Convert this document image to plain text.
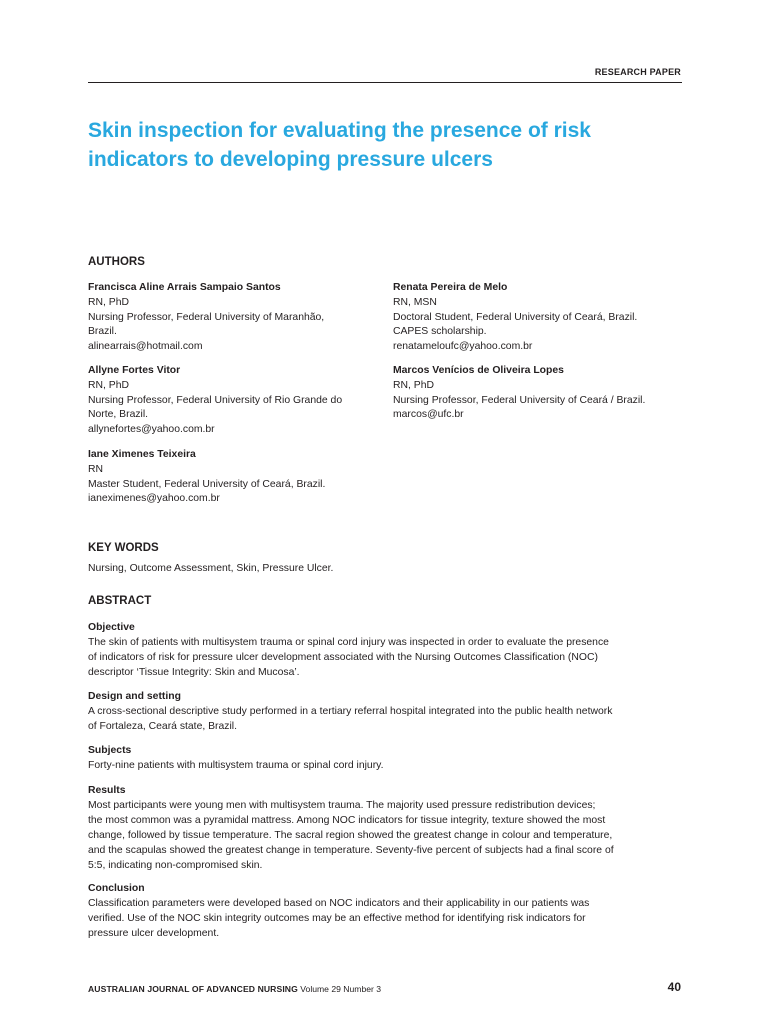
RESEARCH PAPER
Skin inspection for evaluating the presence of risk
indicators to developing pressure ulcers
AUTHORS
Francisca Aline Arrais Sampaio Santos
RN, PhD
Nursing Professor, Federal University of Maranhão,
Brazil.
alinearrais@hotmail.com
Renata Pereira de Melo
RN, MSN
Doctoral Student, Federal University of Ceará, Brazil.
CAPES scholarship.
renatameloufc@yahoo.com.br
Allyne Fortes Vitor
RN, PhD
Nursing Professor, Federal University of Rio Grande do
Norte, Brazil.
allynefortes@yahoo.com.br
Marcos Venícios de Oliveira Lopes
RN, PhD
Nursing Professor, Federal University of Ceará / Brazil.
marcos@ufc.br
Iane Ximenes Teixeira
RN
Master Student, Federal University of Ceará, Brazil.
ianeximenes@yahoo.com.br
KEY WORDS
Nursing, Outcome Assessment, Skin, Pressure Ulcer.
ABSTRACT
Objective
The skin of patients with multisystem trauma or spinal cord injury was inspected in order to evaluate the presence
of indicators of risk for pressure ulcer development associated with the Nursing Outcomes Classification (NOC)
descriptor ‘Tissue Integrity: Skin and Mucosa’.
Design and setting
A cross-sectional descriptive study performed in a tertiary referral hospital integrated into the public health network
of Fortaleza, Ceará state, Brazil.
Subjects
Forty-nine patients with multisystem trauma or spinal cord injury.
Results
Most participants were young men with multisystem trauma. The majority used pressure redistribution devices;
the most common was a pyramidal mattress. Among NOC indicators for tissue integrity, texture showed the most
change, followed by tissue temperature. The sacral region showed the greatest change in colour and temperature,
and the scapulas showed the greatest change in temperature. Seventy-five percent of subjects had a final score of
5:5, indicating non-compromised skin.
Conclusion
Classification parameters were developed based on NOC indicators and their applicability in our patients was
verified. Use of the NOC skin integrity outcomes may be an effective method for identifying risk indicators for
pressure ulcer development.
AUSTRALIAN JOURNAL OF ADVANCED NURSING Volume 29 Number 3	40
